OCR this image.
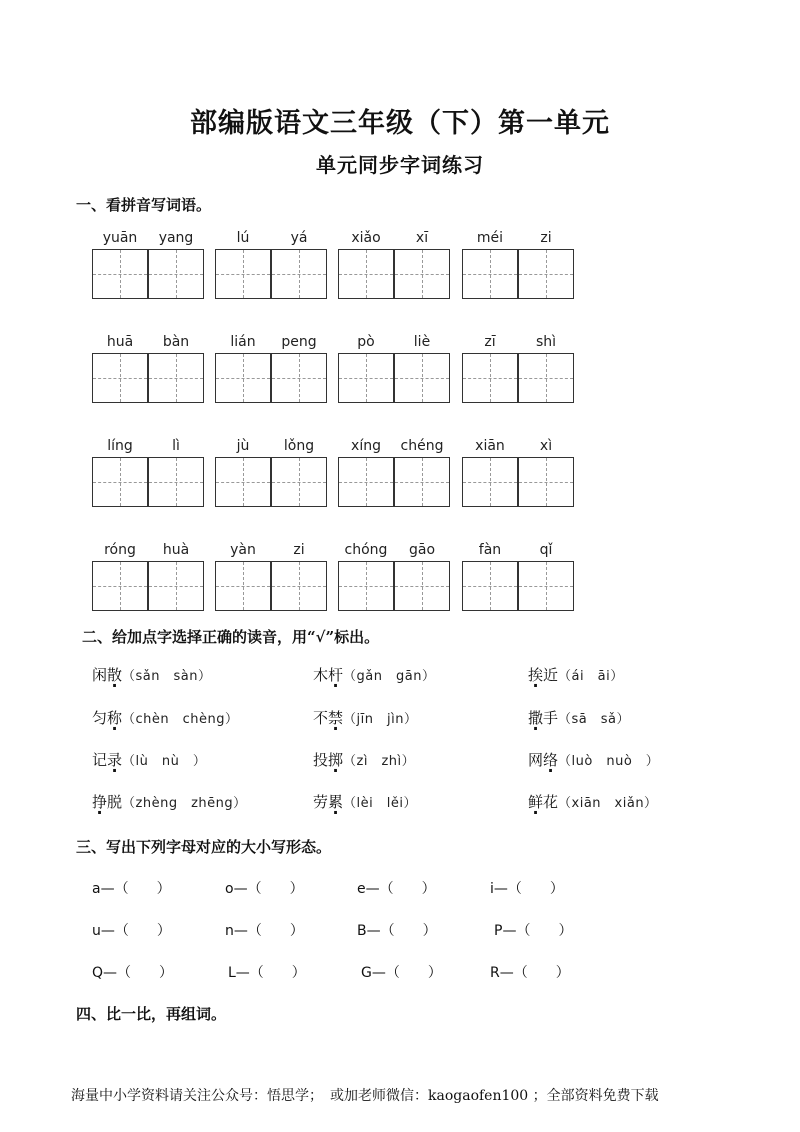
部编版语文三年级（下）第一单元
单元同步字词练习
一、看拼音写词语。
yuān	yang	lú	yá	xiǎo	xī	méi	zi
huā	bàn	lián	peng	pò	liè	zī	shì
líng	lì	jù	lǒng	xíng	chéng	xiān	xì
róng	huà	yàn	zi	chóng	gāo	fàn	qǐ
二、给加点字选择正确的读音，用“√”标出。
闲散（sǎn　sàn）	木杆（gǎn　gān）	挨近（ái　āi）
匀称（chèn　chèng）	不禁（jīn　jìn）	撒手（sā　sǎ）
记录（lù　nù　）	投掷（zì　zhì）	网络（luò　nuò　）
挣脱（zhèng　zhēng）	劳累（lèi　lěi）	鲜花（xiān　xiǎn）
三、写出下列字母对应的大小写形态。
a—（　　）	o—（　　）	e—（　　）	i—（　　）
u—（　　）	n—（　　）	B—（　　）	P—（　　）
Q—（　　）	L—（　　）	G—（　　）	R—（　　）
四、比一比，再组词。
海量中小学资料请关注公众号：悟思学；　或加老师微信：kaogaofen100 ；全部资料免费下载
